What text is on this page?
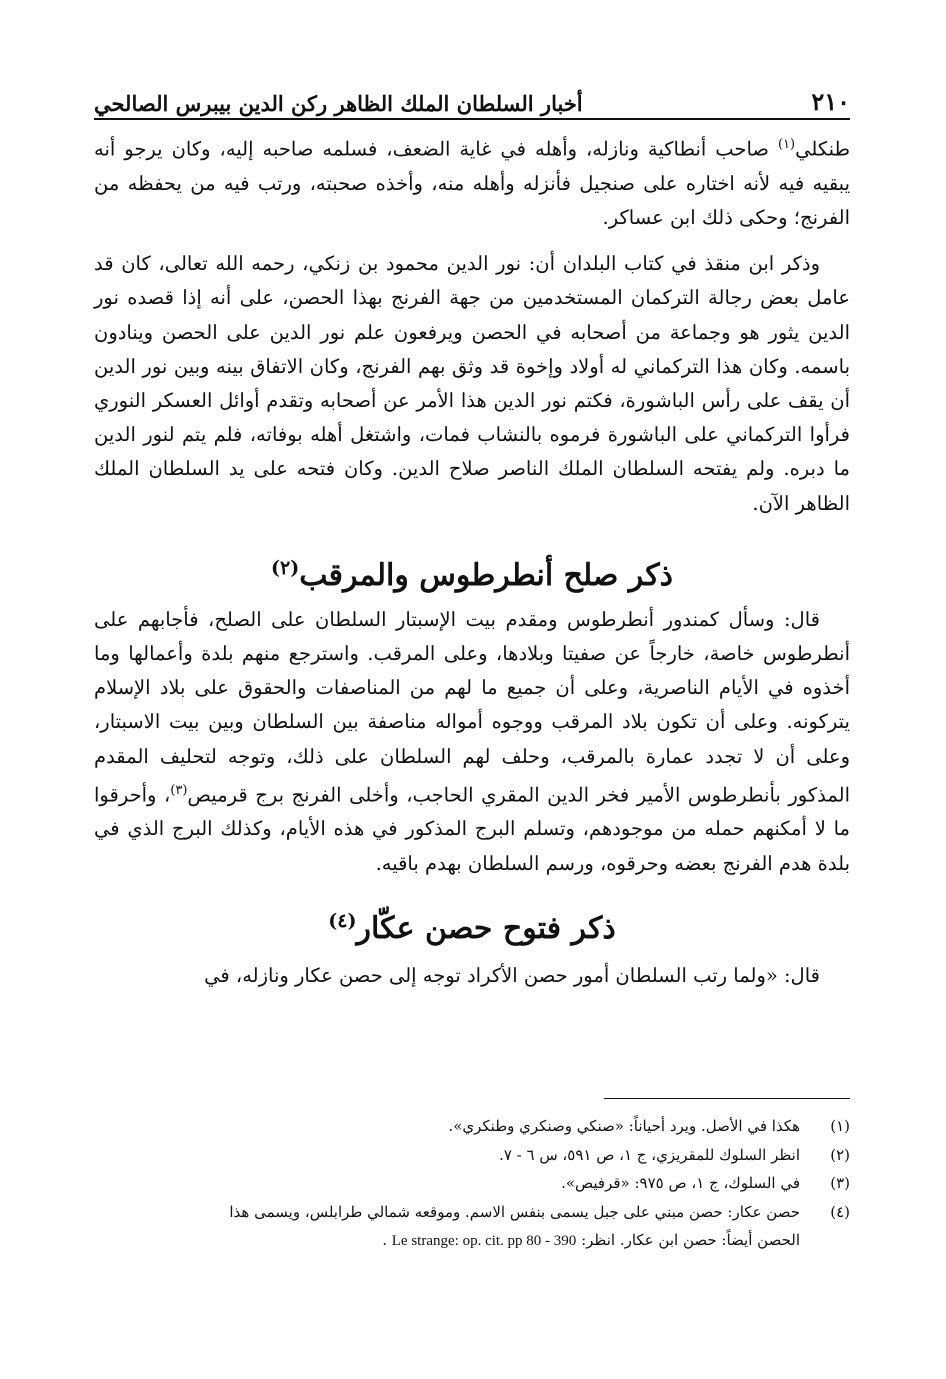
٢١٠
أخبار السلطان الملك الظاهر ركن الدين بيبرس الصالحي

طنكلي$^{(١)}$ صاحب أنطاكية ونازله، وأهله في غاية الضعف، فسلمه صاحبه إليه، وكان يرجو أنه يبقيه فيه لأنه اختاره على صنجيل فأنزله وأهله منه، وأخذه صحبته، ورتب فيه من يحفظه من الفرنج؛ وحكى ذلك ابن عساكر.

وذكر ابن منقذ في كتاب البلدان أن: نور الدين محمود بن زنكي، رحمه الله تعالى، كان قد عامل بعض رجالة التركمان المستخدمين من جهة الفرنج بهذا الحصن، على أنه إذا قصده نور الدين يثور هو وجماعة من أصحابه في الحصن ويرفعون علم نور الدين على الحصن وينادون باسمه. وكان هذا التركماني له أولاد وإخوة قد وثق بهم الفرنج، وكان الاتفاق بينه وبين نور الدين أن يقف على رأس الباشورة، فكتم نور الدين هذا الأمر عن أصحابه وتقدم أوائل العسكر النوري فرأوا التركماني على الباشورة فرموه بالنشاب فمات، واشتغل أهله بوفاته، فلم يتم لنور الدين ما دبره. ولم يفتحه السلطان الملك الناصر صلاح الدين. وكان فتحه على يد السلطان الملك الظاهر الآن.

ذكر صلح أنطرطوس والمرقب$^{(٢)}$

قال: وسأل كمندور أنطرطوس ومقدم بيت الإسبتار السلطان على الصلح، فأجابهم على أنطرطوس خاصة، خارجاً عن صفيتا وبلادها، وعلى المرقب. واسترجع منهم بلدة وأعمالها وما أخذوه في الأيام الناصرية، وعلى أن جميع ما لهم من المناصفات والحقوق على بلاد الإسلام يتركونه. وعلى أن تكون بلاد المرقب ووجوه أمواله مناصفة بين السلطان وبين بيت الاسبتار، وعلى أن لا تجدد عمارة بالمرقب، وحلف لهم السلطان على ذلك، وتوجه لتحليف المقدم المذكور بأنطرطوس الأمير فخر الدين المقري الحاجب، وأخلى الفرنج برج قرميص$^{(٣)}$، وأحرقوا ما لا أمكنهم حمله من موجودهم، وتسلم البرج المذكور في هذه الأيام، وكذلك البرج الذي في بلدة هدم الفرنج بعضه وحرقوه، ورسم السلطان بهدم باقيه.

ذكر فتوح حصن عكّار$^{(٤)}$

قال: «ولما رتب السلطان أمور حصن الأكراد توجه إلى حصن عكار ونازله، في

(١)
هكذا في الأصل. ويرد أحياناً: «صنكي وصنكري وطنكري».
(٢)
انظر السلوك للمقريزي، ج ١، ص ٥٩١، س ٦ - ٧.
(٣)
في السلوك، ج ١، ص ٩٧٥: «قرفيص».
(٤)
حصن عكار: حصن مبني على جبل يسمى بنفس الاسم. وموقعه شمالي طرابلس، ويسمى هذا
الحصن أيضاً: حصن ابن عكار. انظر: Le strange: op. cit. pp 80 - 390 .
